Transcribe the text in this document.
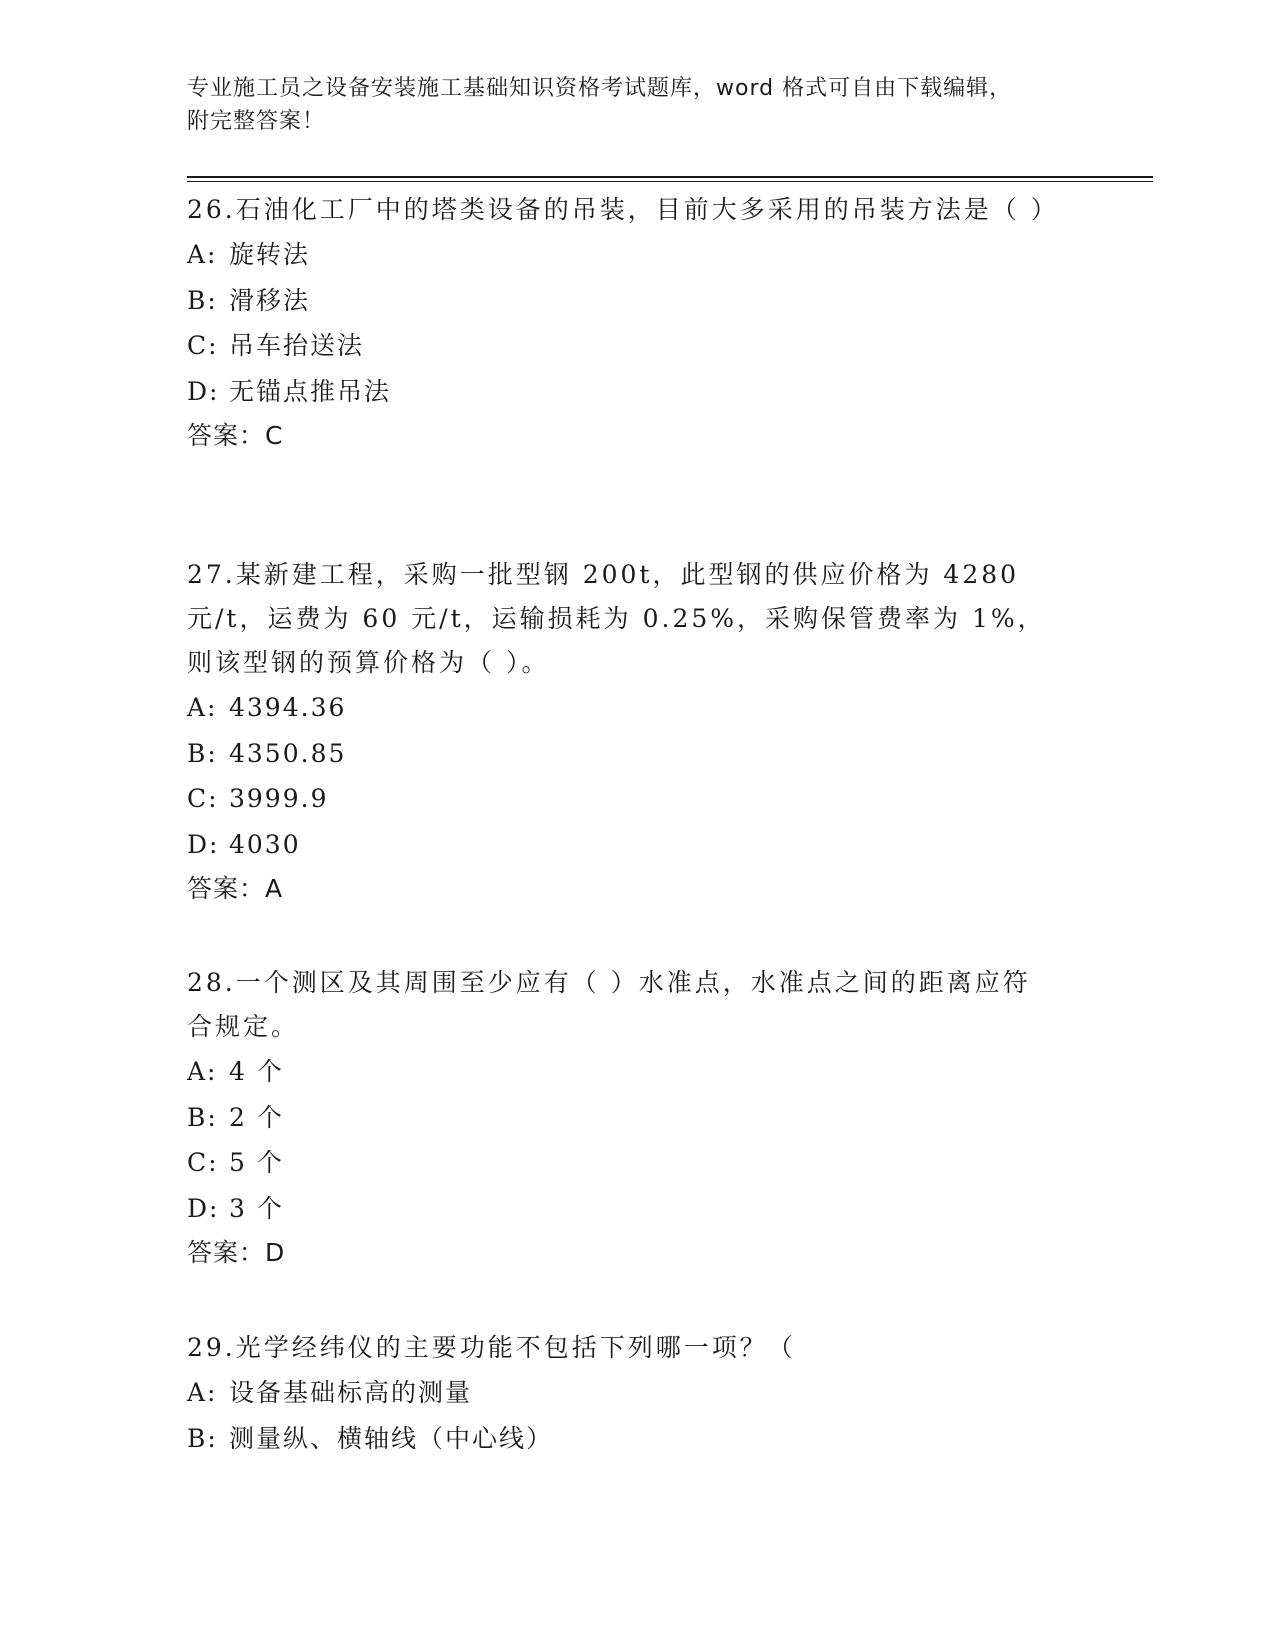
专业施工员之设备安装施工基础知识资格考试题库，word 格式可自由下载编辑，
附完整答案！

26.石油化工厂中的塔类设备的吊装，目前大多采用的吊装方法是（ ）

A: 旋转法

B: 滑移法

C: 吊车抬送法

D: 无锚点推吊法

答案：C

27.某新建工程，采购一批型钢 200t，此型钢的供应价格为 4280 元/t，运费为 60 元/t，运输损耗为 0.25%，采购保管费率为 1%，则该型钢的预算价格为（ ）。

A: 4394.36

B: 4350.85

C: 3999.9

D: 4030

答案：A

28.一个测区及其周围至少应有（ ）水准点，水准点之间的距离应符合规定。

A: 4 个

B: 2 个

C: 5 个

D: 3 个

答案：D

29.光学经纬仪的主要功能不包括下列哪一项？（

A: 设备基础标高的测量

B: 测量纵、横轴线（中心线）
